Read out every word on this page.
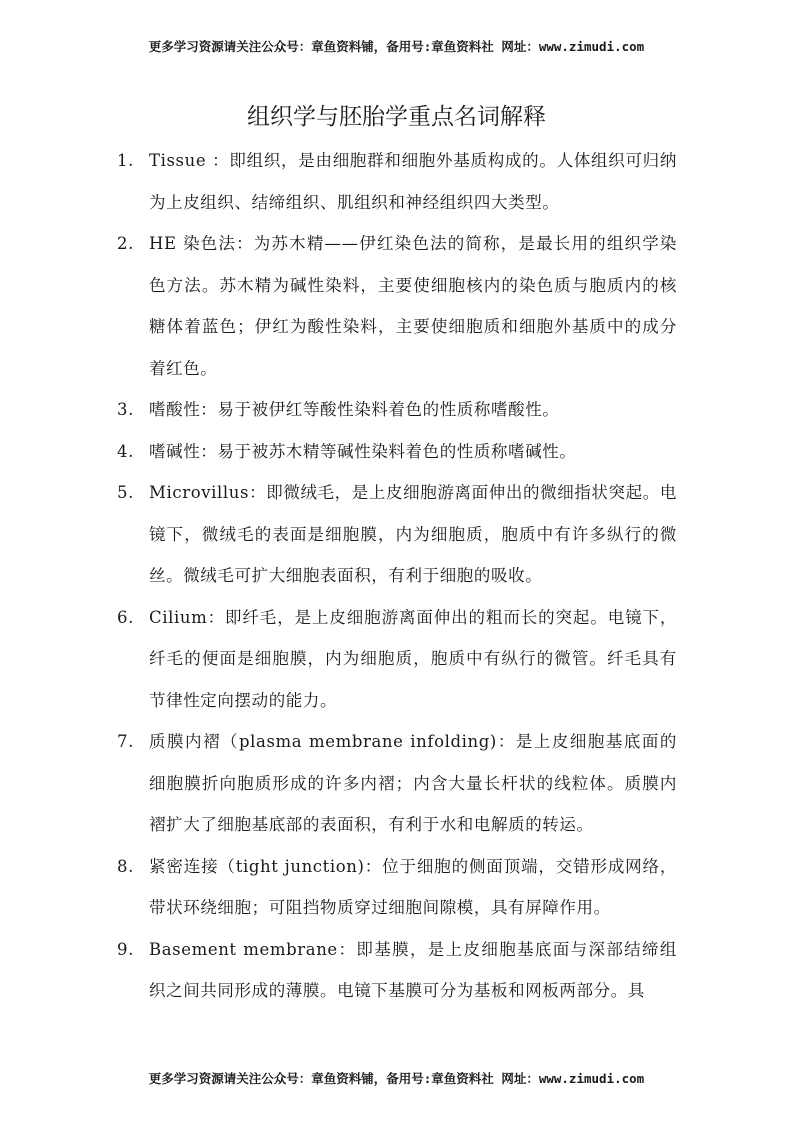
更多学习资源请关注公众号：章鱼资料铺，备用号:章鱼资料社 网址：www.zimudi.com
组织学与胚胎学重点名词解释
1. Tissue ：即组织，是由细胞群和细胞外基质构成的。人体组织可归纳 为上皮组织、结缔组织、肌组织和神经组织四大类型。
2. HE 染色法：为苏木精——伊红染色法的简称，是最长用的组织学染 色方法。苏木精为碱性染料，主要使细胞核内的染色质与胞质内的核糖体着蓝色；伊红为酸性染料，主要使细胞质和细胞外基质中的成分着红色。
3. 嗜酸性：易于被伊红等酸性染料着色的性质称嗜酸性。
4. 嗜碱性：易于被苏木精等碱性染料着色的性质称嗜碱性。
5. Microvillus：即微绒毛，是上皮细胞游离面伸出的微细指状突起。电镜下，微绒毛的表面是细胞膜，内为细胞质，胞质中有许多纵行的微丝。微绒毛可扩大细胞表面积，有利于细胞的吸收。
6. Cilium：即纤毛，是上皮细胞游离面伸出的粗而长的突起。电镜下，纤毛的便面是细胞膜，内为细胞质，胞质中有纵行的微管。纤毛具有节律性定向摆动的能力。
7. 质膜内褶（plasma membrane infolding)：是上皮细胞基底面的细胞膜折向胞质形成的许多内褶；内含大量长杆状的线粒体。质膜内褶扩大了细胞基底部的表面积，有利于水和电解质的转运。
8. 紧密连接（tight junction)：位于细胞的侧面顶端，交错形成网络，带状环绕细胞；可阻挡物质穿过细胞间隙模，具有屏障作用。
9. Basement membrane：即基膜，是上皮细胞基底面与深部结缔组织之间共同形成的薄膜。电镜下基膜可分为基板和网板两部分。具
更多学习资源请关注公众号：章鱼资料铺，备用号:章鱼资料社 网址：www.zimudi.com
